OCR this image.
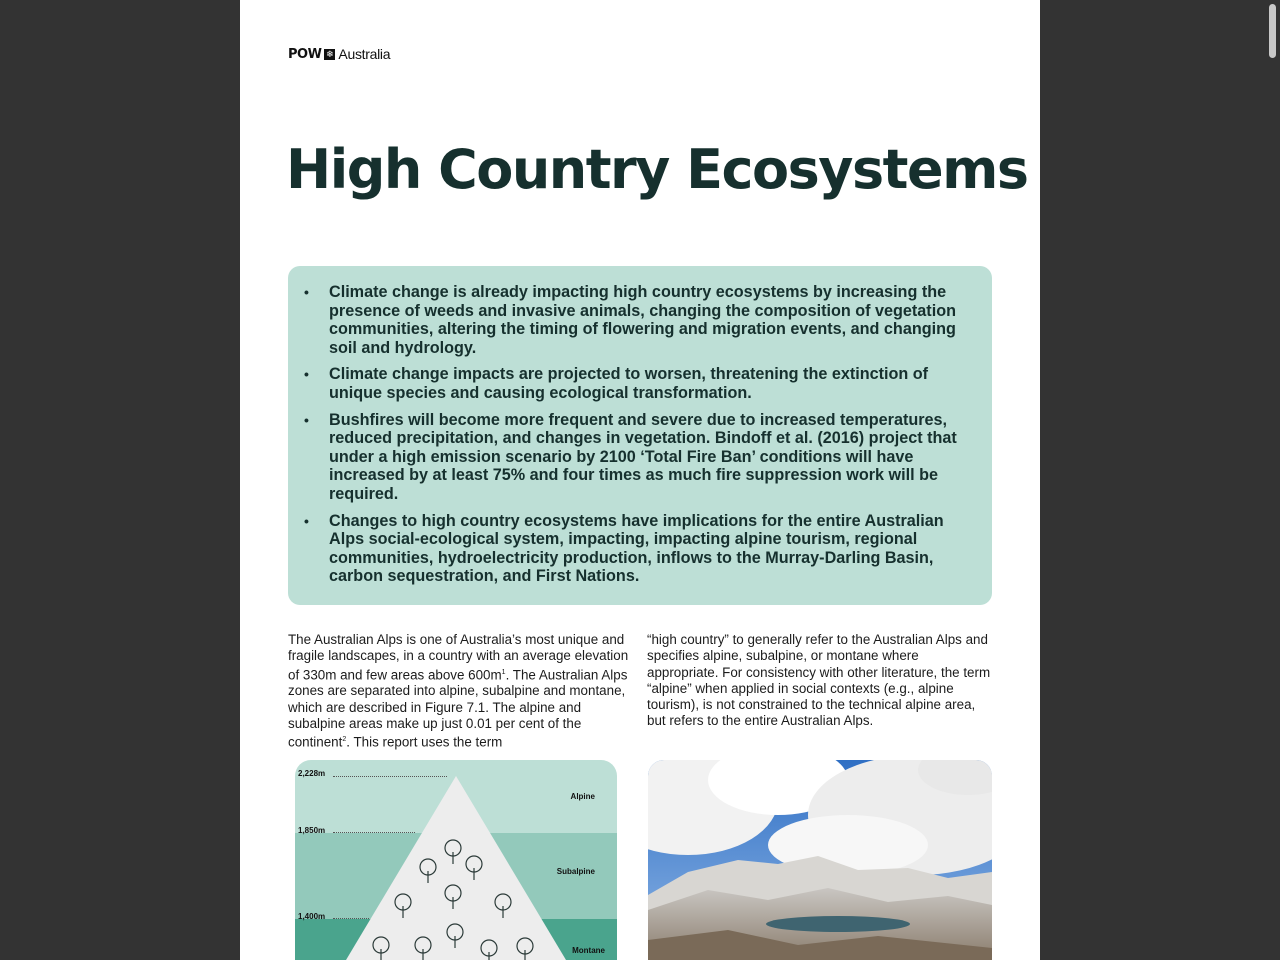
POW ❄ Australia
High Country Ecosystems
• Climate change is already impacting high country ecosystems by increasing the presence of weeds and invasive animals, changing the composition of vegetation communities, altering the timing of flowering and migration events, and changing soil and hydrology.
• Climate change impacts are projected to worsen, threatening the extinction of unique species and causing ecological transformation.
• Bushfires will become more frequent and severe due to increased temperatures, reduced precipitation, and changes in vegetation. Bindoff et al. (2016) project that under a high emission scenario by 2100 ‘Total Fire Ban’ conditions will have increased by at least 75% and four times as much fire suppression work will be required.
• Changes to high country ecosystems have implications for the entire Australian Alps social-ecological system, impacting, impacting alpine tourism, regional communities, hydroelectricity production, inflows to the Murray-Darling Basin, carbon sequestration, and First Nations.
The Australian Alps is one of Australia’s most unique and fragile landscapes, in a country with an average elevation of 330m and few areas above $600m^1$. The Australian Alps zones are separated into alpine, subalpine and montane, which are described in Figure 7.1. The alpine and subalpine areas make up just 0.01 per cent of the continent$^2$. This report uses the term
“high country” to generally refer to the Australian Alps and specifies alpine, subalpine, or montane where appropriate. For consistency with other literature, the term “alpine” when applied in social contexts (e.g., alpine tourism), is not constrained to the technical alpine area, but refers to the entire Australian Alps.
2,228m
1,850m
1,400m
Alpine
Subalpine
Montane
